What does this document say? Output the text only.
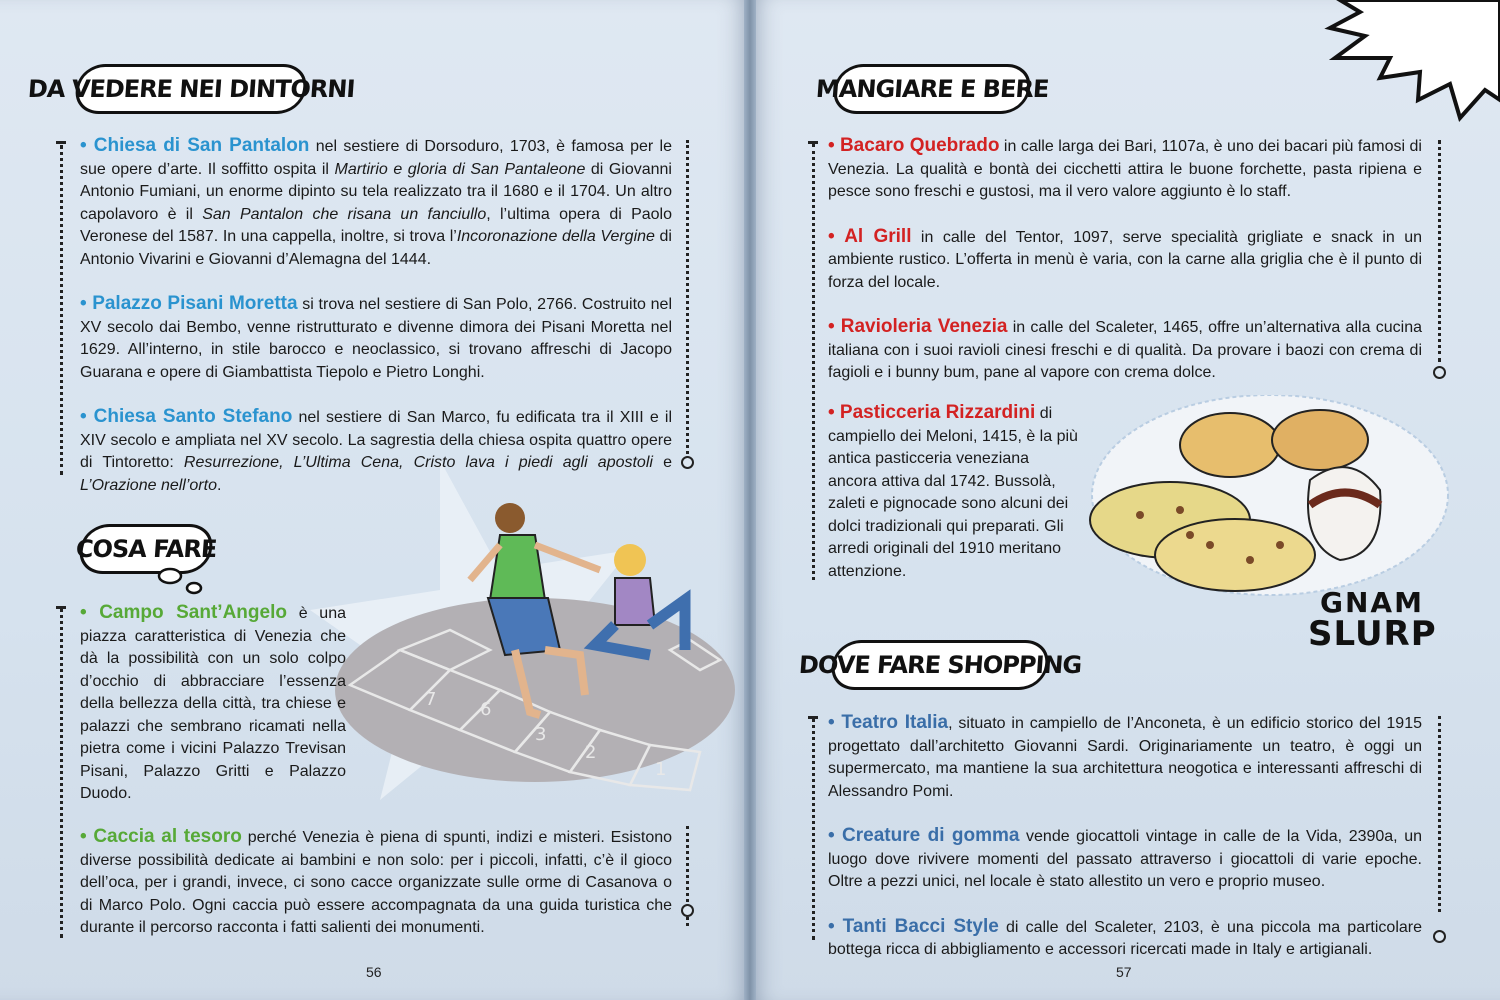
DA VEDERE NEI DINTORNI

• Chiesa di San Pantalon nel sestiere di Dorsoduro, 1703, è famosa per le sue opere d’arte. Il soffitto ospita il Martirio e gloria di San Pantaleone di Giovanni Antonio Fumiani, un enorme dipinto su tela realizzato tra il 1680 e il 1704. Un altro capolavoro è il San Pantalon che risana un fanciullo, l’ultima opera di Paolo Veronese del 1587. In una cappella, inoltre, si trova l’Incoronazione della Vergine di Antonio Vivarini e Giovanni d’Alemagna del 1444.

• Palazzo Pisani Moretta si trova nel sestiere di San Polo, 2766. Costruito nel XV secolo dai Bembo, venne ristrutturato e divenne dimora dei Pisani Moretta nel 1629. All’interno, in stile barocco e neoclassico, si trovano affreschi di Jacopo Guarana e opere di Giambattista Tiepolo e Pietro Longhi.

• Chiesa Santo Stefano nel sestiere di San Marco, fu edificata tra il XIII e il XIV secolo e ampliata nel XV secolo. La sagrestia della chiesa ospita quattro opere di Tintoretto: Resurrezione, L’Ultima Cena, Cristo lava i piedi agli apostoli e L’Orazione nell’orto.

COSA FARE
7 6
3
2
1

• Campo Sant’Angelo è una piazza caratteristica di Venezia che dà la possibilità con un solo colpo d’occhio di abbracciare l’essenza della bellezza della città, tra chiese e palazzi che sembrano ricamati nella pietra come i vicini Palazzo Trevisan Pisani, Palazzo Gritti e Palazzo Duodo.

• Caccia al tesoro perché Venezia è piena di spunti, indizi e misteri. Esistono diverse possibilità dedicate ai bambini e non solo: per i piccoli, infatti, c’è il gioco dell’oca, per i grandi, invece, ci sono cacce organizzate sulle orme di Casanova o di Marco Polo. Ogni caccia può essere accompagnata da una guida turistica che durante il percorso racconta i fatti salienti dei monumenti.

56
MANGIARE E BERE

• Bacaro Quebrado in calle larga dei Bari, 1107a, è uno dei bacari più famosi di Venezia. La qualità e bontà dei cicchetti attira le buone forchette, pasta ripiena e pesce sono freschi e gustosi, ma il vero valore aggiunto è lo staff.

• Al Grill in calle del Tentor, 1097, serve specialità grigliate e snack in un ambiente rustico. L’offerta in menù è varia, con la carne alla griglia che è il punto di forza del locale.

• Ravioleria Venezia in calle del Scaleter, 1465, offre un’alternativa alla cucina italiana con i suoi ravioli cinesi freschi e di qualità. Da provare i baozi con crema di fagioli e i bunny bum, pane al vapore con crema dolce.

• Pasticceria Rizzardini di campiello dei Meloni, 1415, è la più antica pasticceria veneziana ancora attiva dal 1742. Bussolà, zaleti e pignocade sono alcuni dei dolci tradizionali qui preparati. Gli arredi originali del 1910 meritano attenzione.

GNAM
SLURP
DOVE FARE SHOPPING

• Teatro Italia, situato in campiello de l’Anconeta, è un edificio storico del 1915 progettato dall’architetto Giovanni Sardi. Originariamente un teatro, è oggi un supermercato, ma mantiene la sua architettura neogotica e interessanti affreschi di Alessandro Pomi.

• Creature di gomma vende giocattoli vintage in calle de la Vida, 2390a, un luogo dove rivivere momenti del passato attraverso i giocattoli di varie epoche. Oltre a pezzi unici, nel locale è stato allestito un vero e proprio museo.

• Tanti Bacci Style di calle del Scaleter, 2103, è una piccola ma particolare bottega ricca di abbigliamento e accessori ricercati made in Italy e artigianali.

57
